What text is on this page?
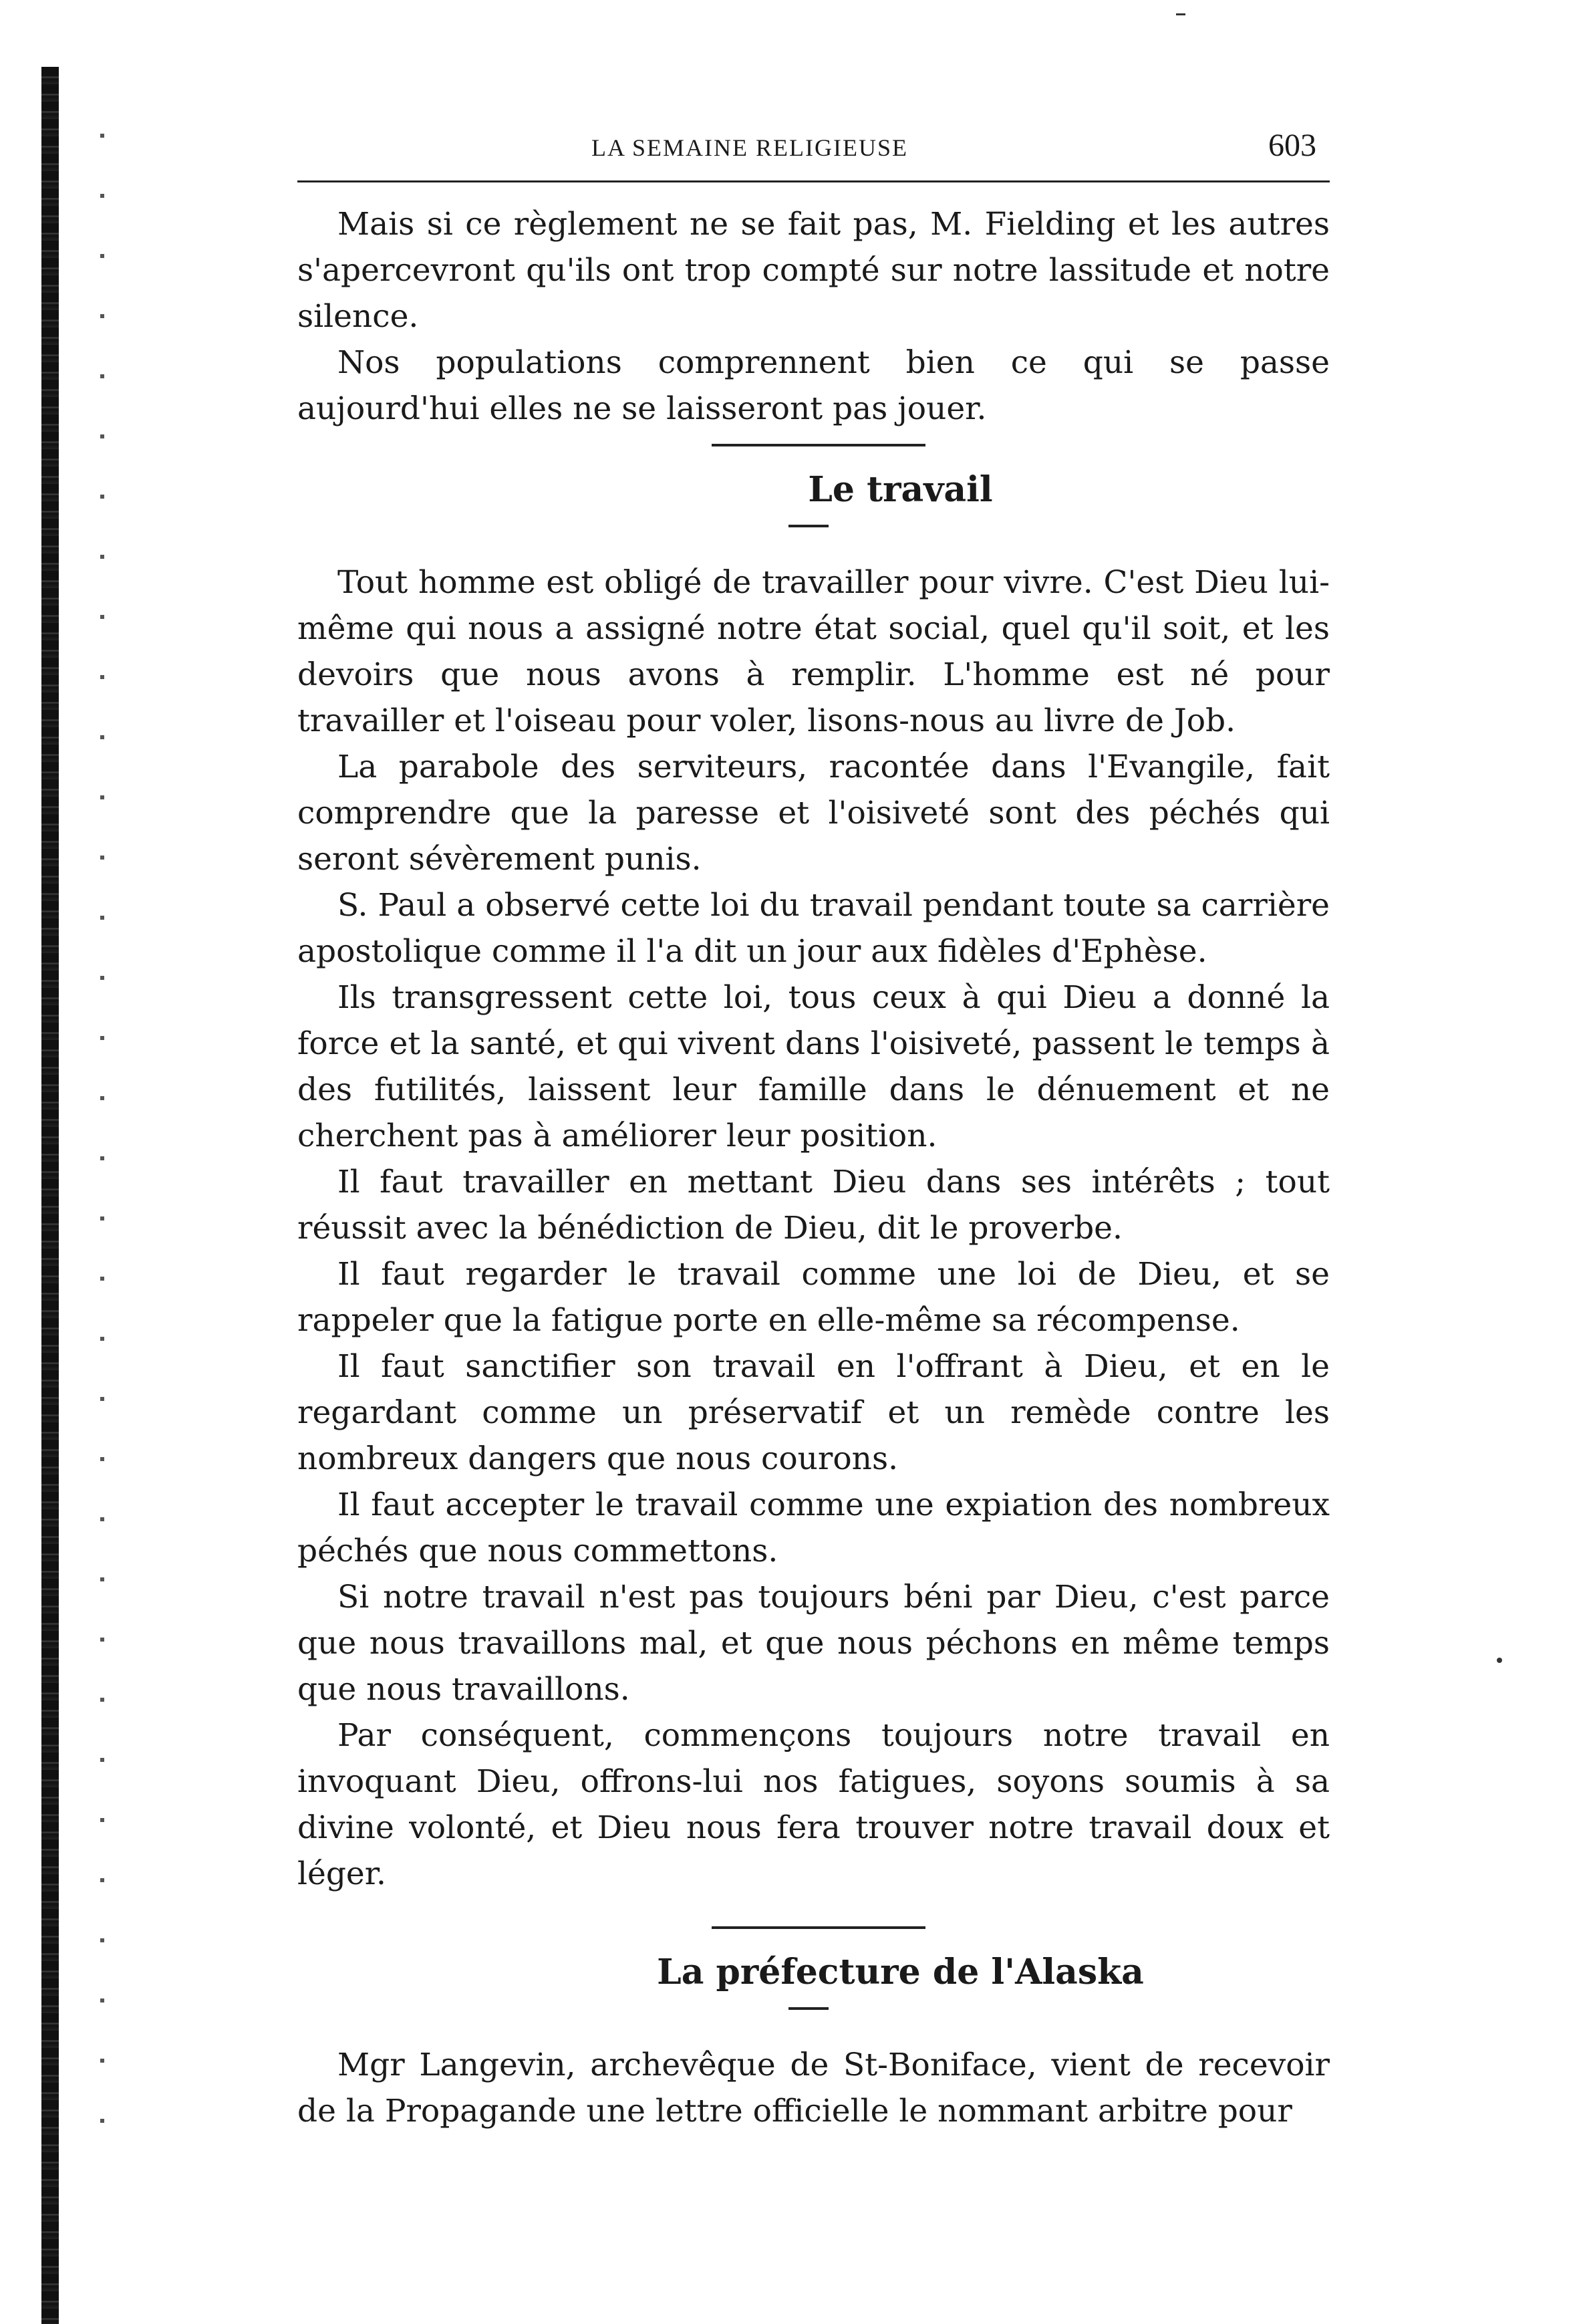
LA SEMAINE RELIGIEUSE	603

Mais si ce règlement ne se fait pas, M. Fielding et les autres s'apercevront qu'ils ont trop compté sur notre lassitude et notre silence.

Nos populations comprennent bien ce qui se passe aujourd'hui elles ne se laisseront pas jouer.

Le travail

Tout homme est obligé de travailler pour vivre. C'est Dieu lui-même qui nous a assigné notre état social, quel qu'il soit, et les devoirs que nous avons à remplir. L'homme est né pour travailler et l'oiseau pour voler, lisons-nous au livre de Job.

La parabole des serviteurs, racontée dans l'Evangile, fait comprendre que la paresse et l'oisiveté sont des péchés qui seront sévèrement punis.

S. Paul a observé cette loi du travail pendant toute sa carrière apostolique comme il l'a dit un jour aux fidèles d'Ephèse.

Ils transgressent cette loi, tous ceux à qui Dieu a donné la force et la santé, et qui vivent dans l'oisiveté, passent le temps à des futilités, laissent leur famille dans le dénuement et ne cherchent pas à améliorer leur position.

Il faut travailler en mettant Dieu dans ses intérêts ; tout réussit avec la bénédiction de Dieu, dit le proverbe.

Il faut regarder le travail comme une loi de Dieu, et se rappeler que la fatigue porte en elle-même sa récompense.

Il faut sanctifier son travail en l'offrant à Dieu, et en le regardant comme un préservatif et un remède contre les nombreux dangers que nous courons.

Il faut accepter le travail comme une expiation des nombreux péchés que nous commettons.

Si notre travail n'est pas toujours béni par Dieu, c'est parce que nous travaillons mal, et que nous péchons en même temps que nous travaillons.

Par conséquent, commençons toujours notre travail en invoquant Dieu, offrons-lui nos fatigues, soyons soumis à sa divine volonté, et Dieu nous fera trouver notre travail doux et léger.

La préfecture de l'Alaska

Mgr Langevin, archevêque de St-Boniface, vient de recevoir de la Propagande une lettre officielle le nommant arbitre pour
